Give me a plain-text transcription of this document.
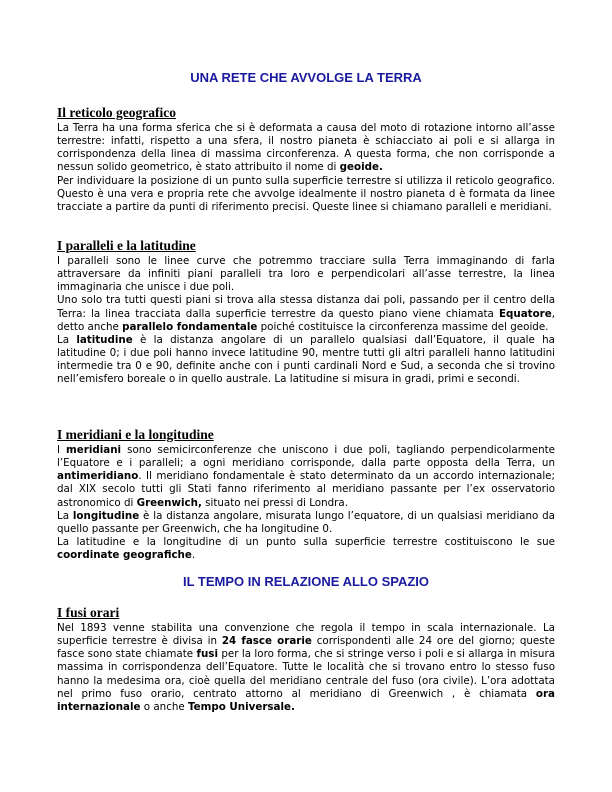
UNA RETE CHE AVVOLGE LA TERRA
Il reticolo geografico

La Terra ha una forma sferica che si è deformata a causa del moto di rotazione intorno all’asse terrestre: infatti, rispetto a una sfera, il nostro pianeta è schiacciato ai poli e si allarga in corrispondenza della linea di massima circonferenza. A questa forma, che non corrisponde a nessun solido geometrico, è stato attribuito il nome di geoide.

Per individuare la posizione di un punto sulla superficie terrestre si utilizza il reticolo geografico. Questo è una vera e propria rete che avvolge idealmente il nostro pianeta d è formata da linee tracciate a partire da punti di riferimento precisi. Queste linee si chiamano paralleli e meridiani.

I paralleli e la latitudine

I paralleli sono le linee curve che potremmo tracciare sulla Terra immaginando di farla attraversare da infiniti piani paralleli tra loro e perpendicolari all’asse terrestre, la linea immaginaria che unisce i due poli.

Uno solo tra tutti questi piani si trova alla stessa distanza dai poli, passando per il centro della Terra: la linea tracciata dalla superficie terrestre da questo piano viene chiamata Equatore, detto anche parallelo fondamentale poiché costituisce la circonferenza massime del geoide.

La latitudine è la distanza angolare di un parallelo qualsiasi dall’Equatore, il quale ha latitudine 0; i due poli hanno invece latitudine 90, mentre tutti gli altri paralleli hanno latitudini intermedie tra 0 e 90, definite anche con i punti cardinali Nord e Sud, a seconda che si trovino nell’emisfero boreale o in quello australe. La latitudine si misura in gradi, primi e secondi.

I meridiani e la longitudine

I meridiani sono semicirconferenze che uniscono i due poli, tagliando perpendicolarmente l’Equatore e i paralleli; a ogni meridiano corrisponde, dalla parte opposta della Terra, un antimeridiano. Il meridiano fondamentale è stato determinato da un accordo internazionale; dal XIX secolo tutti gli Stati fanno riferimento al meridiano passante per l’ex osservatorio astronomico di Greenwich, situato nei pressi di Londra.

La longitudine è la distanza angolare, misurata lungo l’equatore, di un qualsiasi meridiano da quello passante per Greenwich, che ha longitudine 0.

La latitudine e la longitudine di un punto sulla superficie terrestre costituiscono le sue coordinate geografiche.

IL TEMPO IN RELAZIONE ALLO SPAZIO
I fusi orari

Nel 1893 venne stabilita una convenzione che regola il tempo in scala internazionale. La superficie terrestre è divisa in 24 fasce orarie corrispondenti alle 24 ore del giorno; queste fasce sono state chiamate fusi per la loro forma, che si stringe verso i poli e si allarga in misura massima in corrispondenza dell’Equatore. Tutte le località che si trovano entro lo stesso fuso hanno la medesima ora, cioè quella del meridiano centrale del fuso (ora civile). L’ora adottata nel primo fuso orario, centrato attorno al meridiano di Greenwich , è chiamata ora internazionale o anche Tempo Universale.
